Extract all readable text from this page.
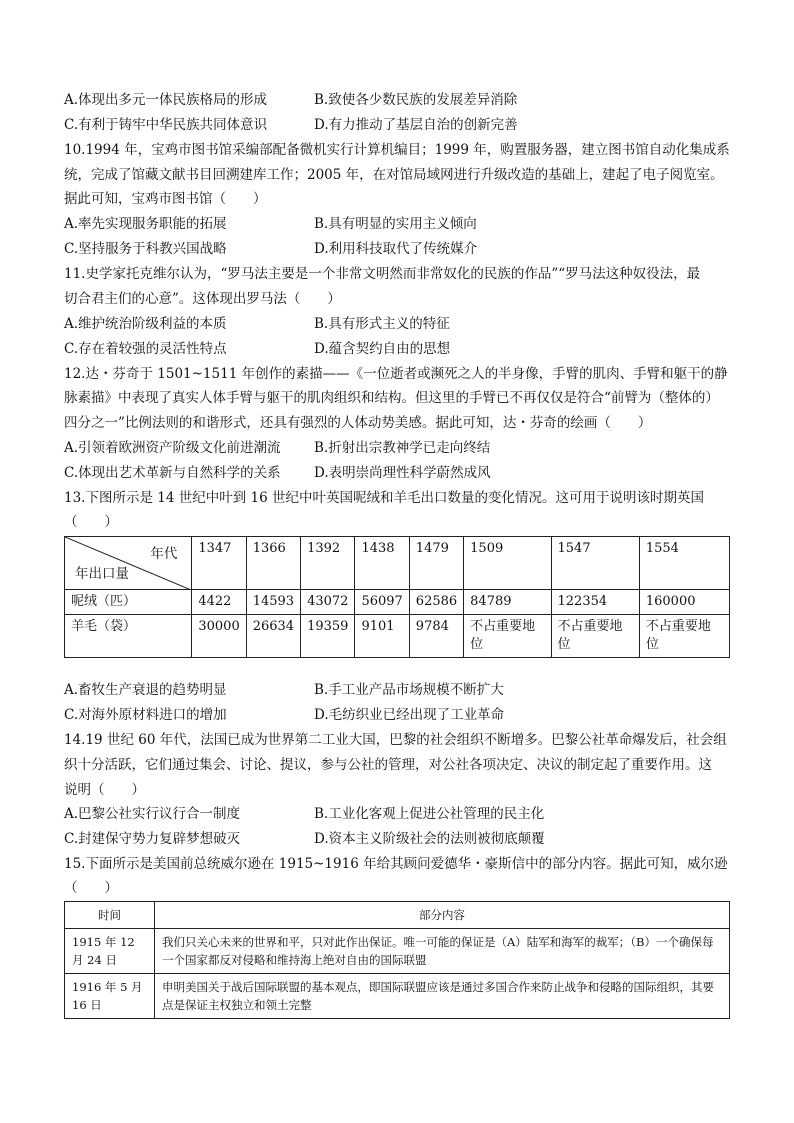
A.体现出多元一体民族格局的形成	B.致使各少数民族的发展差异消除
C.有利于铸牢中华民族共同体意识	D.有力推动了基层自治的创新完善
10.1994 年，宝鸡市图书馆采编部配备微机实行计算机编目；1999 年，购置服务器，建立图书馆自动化集成系
统，完成了馆藏文献书目回溯建库工作；2005 年，在对馆局域网进行升级改造的基础上，建起了电子阅览室。
据此可知，宝鸡市图书馆（　　）
A.率先实现服务职能的拓展	B.具有明显的实用主义倾向
C.坚持服务于科教兴国战略	D.利用科技取代了传统媒介
11.史学家托克维尔认为，“罗马法主要是一个非常文明然而非常奴化的民族的作品”“罗马法这种奴役法，最
切合君主们的心意”。这体现出罗马法（　　）
A.维护统治阶级利益的本质	B.具有形式主义的特征
C.存在着较强的灵活性特点	D.蕴含契约自由的思想
12.达・芬奇于 1501~1511 年创作的素描——《一位逝者或濒死之人的半身像，手臂的肌肉、手臂和躯干的静
脉素描》中表现了真实人体手臂与躯干的肌肉组织和结构。但这里的手臂已不再仅仅是符合“前臂为（整体的）
四分之一”比例法则的和谐形式，还具有强烈的人体动势美感。据此可知，达・芬奇的绘画（　　）
A.引领着欧洲资产阶级文化前进潮流 B.折射出宗教神学已走向终结
C.体现出艺术革新与自然科学的关系 D.表明崇尚理性科学蔚然成风
13.下图所示是 14 世纪中叶到 16 世纪中叶英国呢绒和羊毛出口数量的变化情况。这可用于说明该时期英国
（　　）
年代
年出口量	1347	1366	1392	1438	1479	1509	1547	1554
呢绒（匹）	4422	14593	43072	56097	62586	84789	122354	160000
羊毛（袋）	30000	26634	19359	9101	9784	不占重要地位	不占重要地位	不占重要地位
A.畜牧生产衰退的趋势明显	B.手工业产品市场规模不断扩大
C.对海外原材料进口的增加	D.毛纺织业已经出现了工业革命
14.19 世纪 60 年代，法国已成为世界第二工业大国，巴黎的社会组织不断增多。巴黎公社革命爆发后，社会组
织十分活跃，它们通过集会、讨论、提议，参与公社的管理，对公社各项决定、决议的制定起了重要作用。这
说明（　　）
A.巴黎公社实行议行合一制度	B.工业化客观上促进公社管理的民主化
C.封建保守势力复辟梦想破灭	D.资本主义阶级社会的法则被彻底颠覆
15.下面所示是美国前总统威尔逊在 1915~1916 年给其顾问爱德华・豪斯信中的部分内容。据此可知，威尔逊
（　　）
时间	部分内容
1915 年 12 月 24 日	我们只关心未来的世界和平，只对此作出保证。唯一可能的保证是（A）陆军和海军的裁军；（B）一个确保每一个国家都反对侵略和维持海上绝对自由的国际联盟
1916 年 5 月 16 日	申明美国关于战后国际联盟的基本观点，即国际联盟应该是通过多国合作来防止战争和侵略的国际组织，其要点是保证主权独立和领土完整
